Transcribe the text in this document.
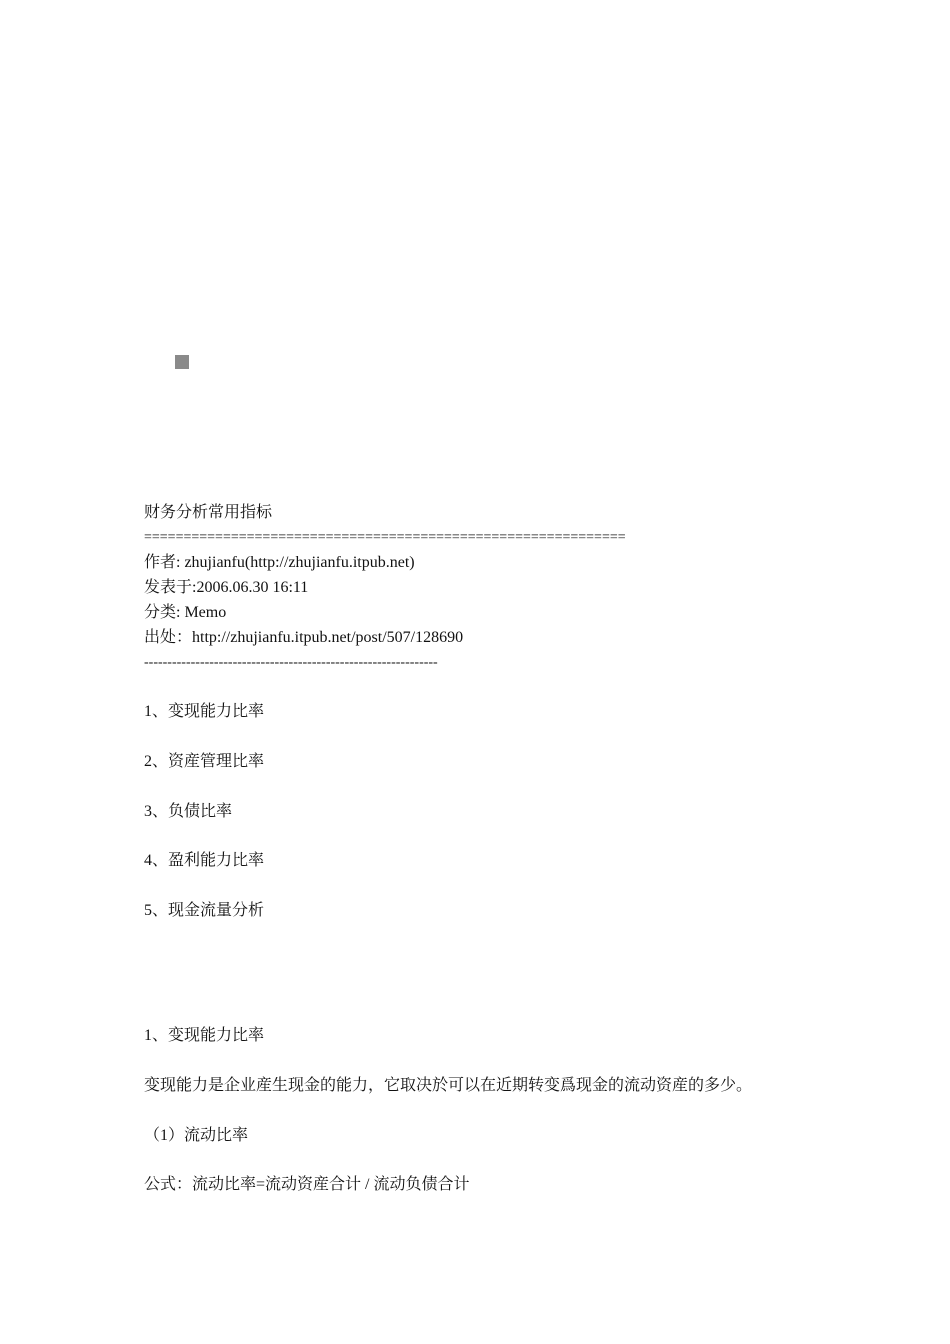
财务分析常用指标
=============================================================
作者: zhujianfu(http://zhujianfu.itpub.net)
发表于:2006.06.30 16:11
分类: Memo
出处：http://zhujianfu.itpub.net/post/507/128690
---------------------------------------------------------------
1、变现能力比率
2、资産管理比率
3、负债比率
4、盈利能力比率
5、现金流量分析
1、变现能力比率
变现能力是企业産生现金的能力，它取决於可以在近期转变爲现金的流动资産的多少。
（1）流动比率
公式：流动比率=流动资産合计 / 流动负债合计
